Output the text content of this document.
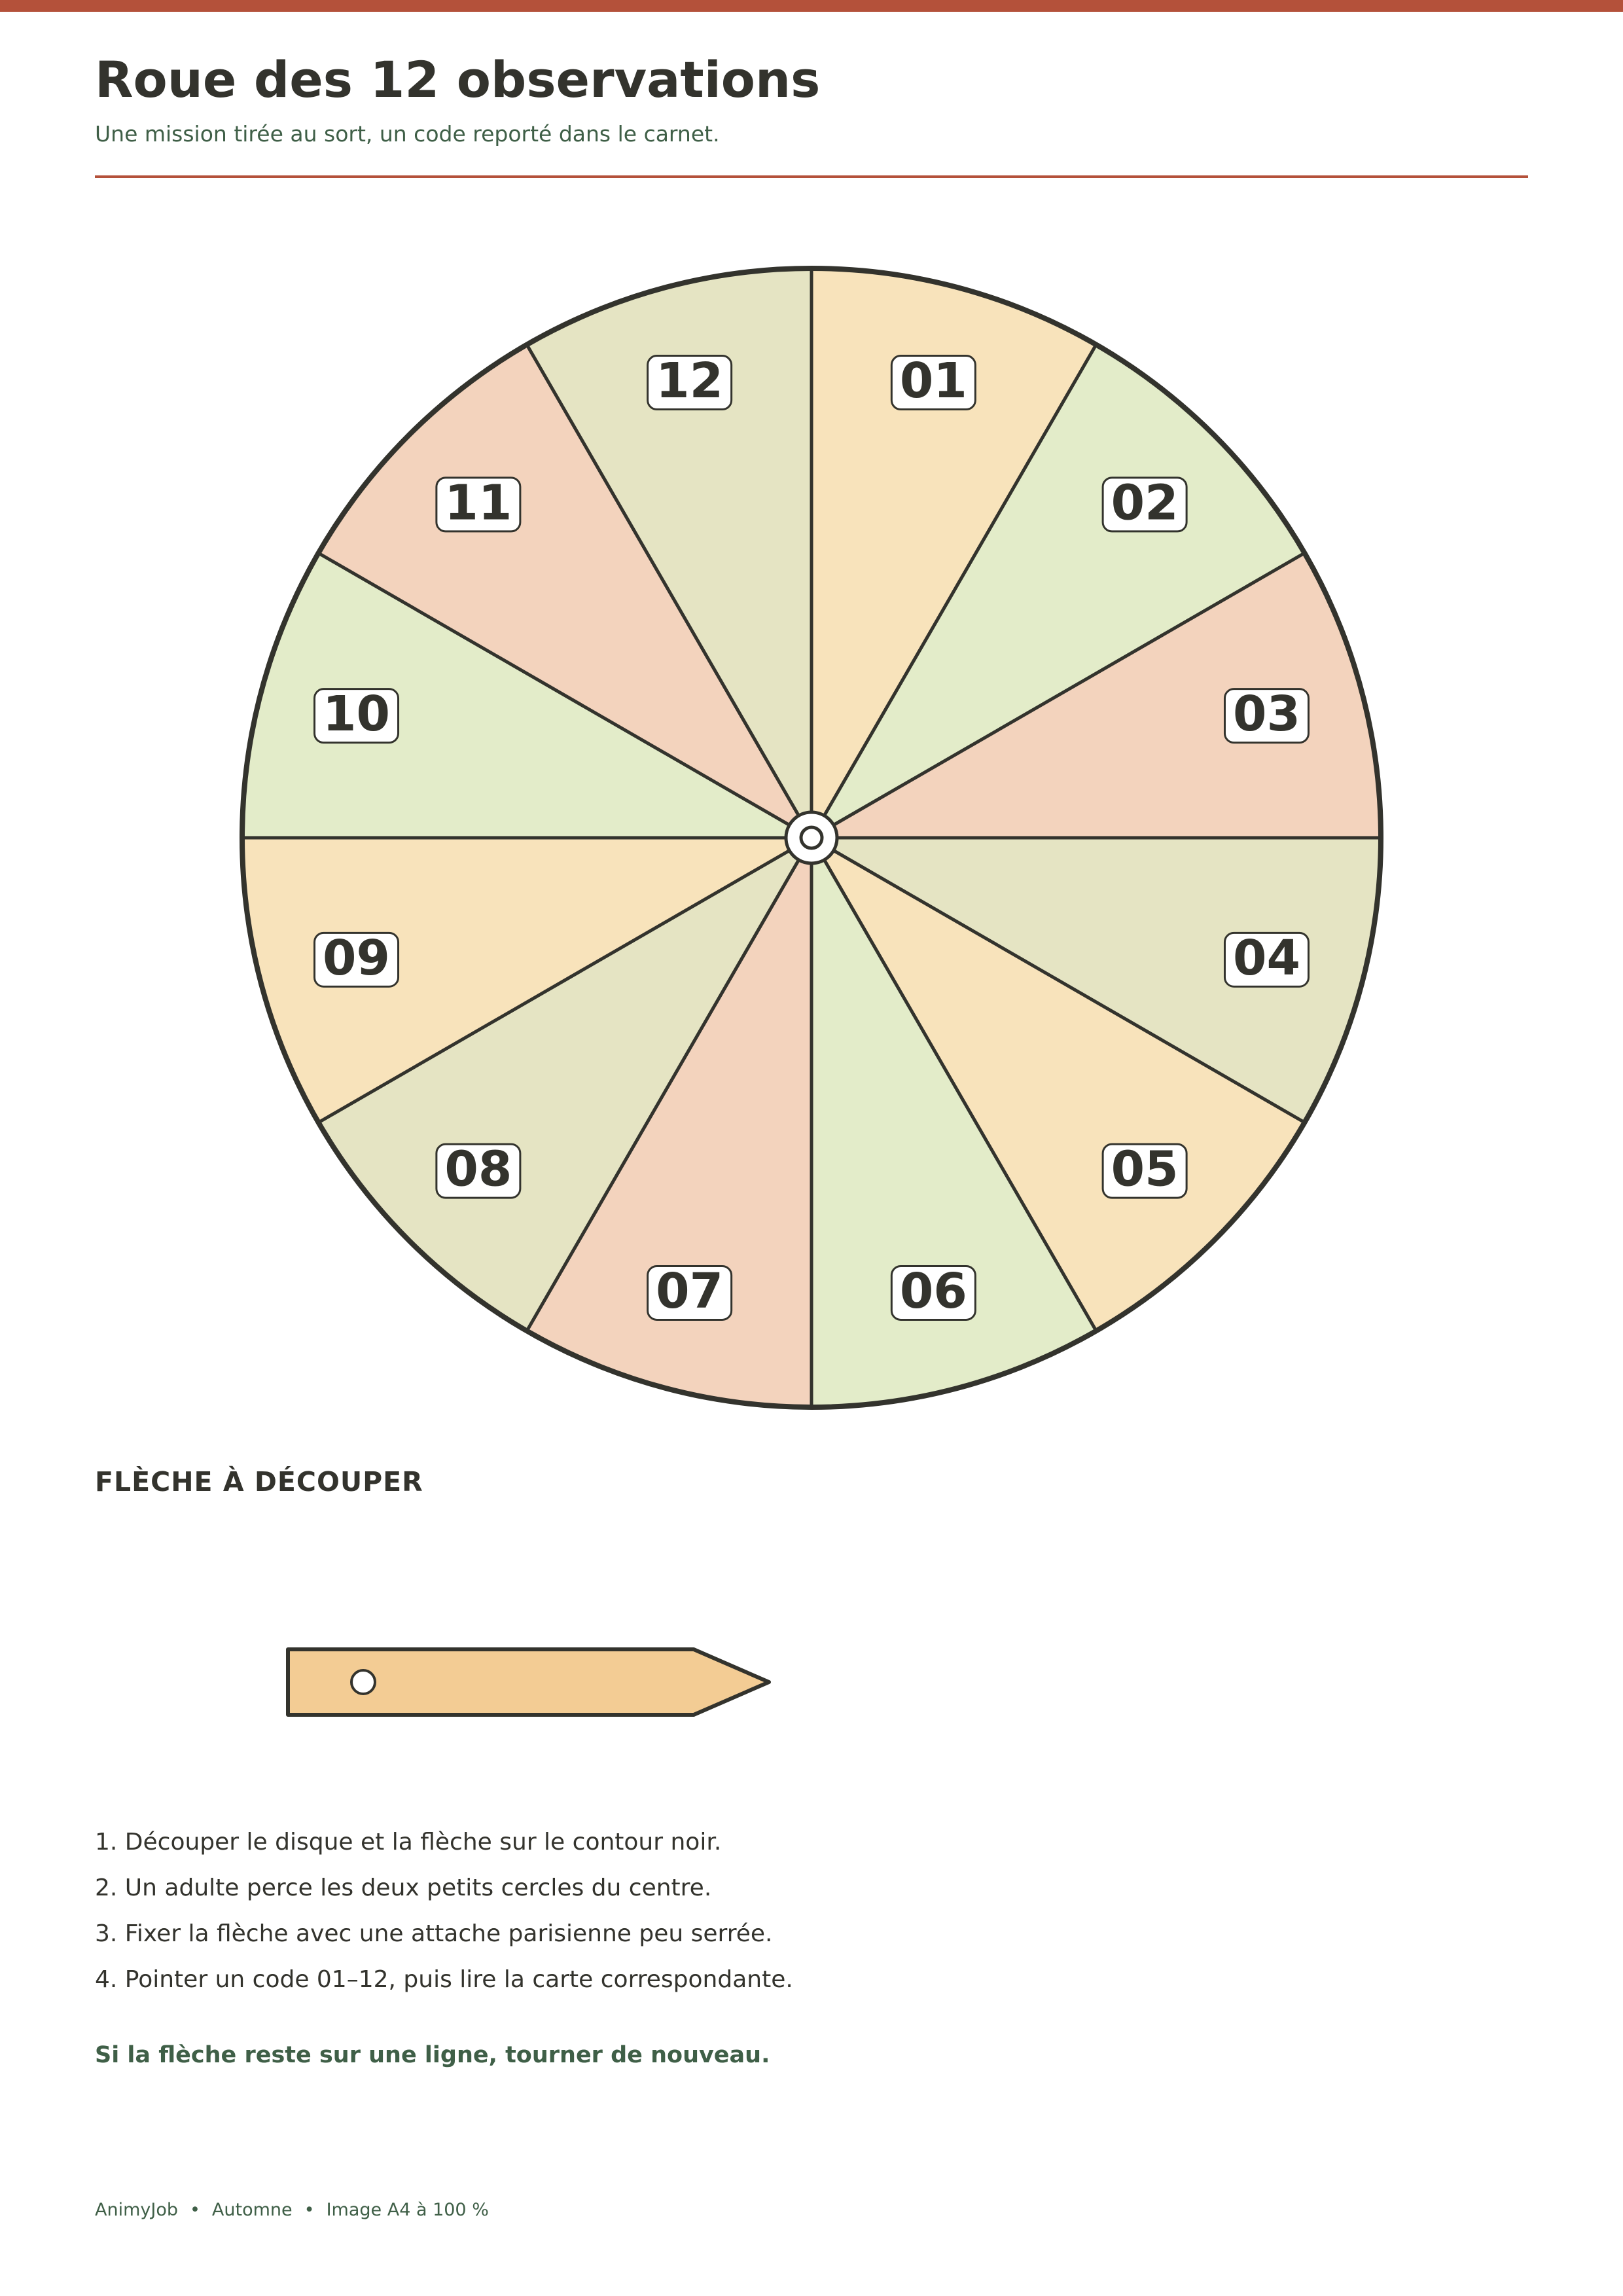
Roue des 12 observations

Une mission tirée au sort, un code reporté dans le carnet.

01
02
03
04
05
06
07
08
09
10
11
12
FLÈCHE À DÉCOUPER
1. Découper le disque et la flèche sur le contour noir.
2. Un adulte perce les deux petits cercles du centre.
3. Fixer la flèche avec une attache parisienne peu serrée.
4. Pointer un code 01–12, puis lire la carte correspondante.

Si la flèche reste sur une ligne, tourner de nouveau.

AnimyJob • Automne • Image A4 à 100 %
